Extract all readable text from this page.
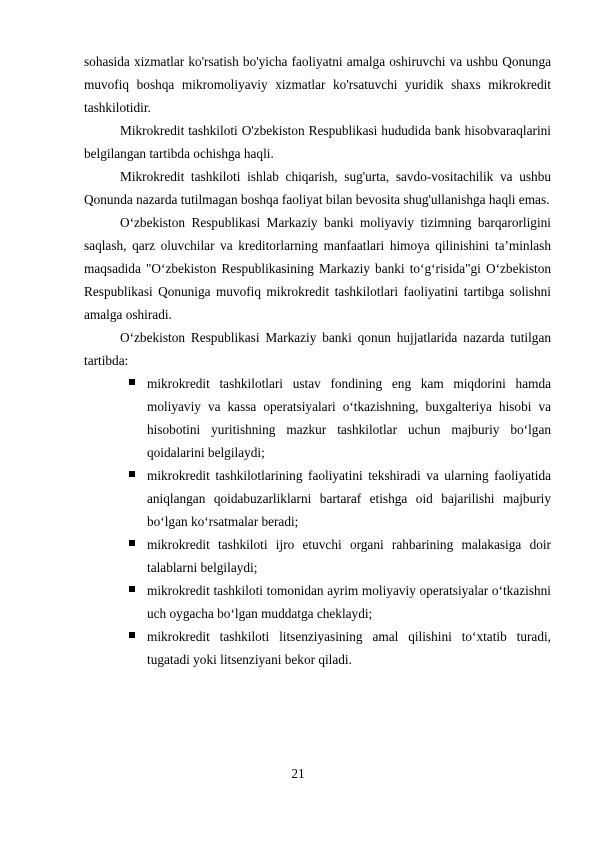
sohasida xizmatlar ko'rsatish bo'yicha faoliyatni amalga oshiruvchi va ushbu Qonunga muvofiq boshqa mikromoliyaviy xizmatlar ko'rsatuvchi yuridik shaxs mikrokredit tashkilotidir.

Mikrokredit tashkiloti O'zbekiston Respublikasi hududida bank hisobvaraqlarini belgilangan tartibda ochishga haqli.

Mikrokredit tashkiloti ishlab chiqarish, sug'urta, savdo-vositachilik va ushbu Qonunda nazarda tutilmagan boshqa faoliyat bilan bevosita shug'ullanishga haqli emas.

O‘zbekiston Respublikasi Markaziy banki moliyaviy tizimning barqarorligini saqlash, qarz oluvchilar va kreditorlarning manfaatlari himoya qilinishini ta’minlash maqsadida "O‘zbekiston Respublikasining Markaziy banki to‘g‘risida"gi O‘zbekiston Respublikasi Qonuniga muvofiq mikrokredit tashkilotlari faoliyatini tartibga solishni amalga oshiradi.

O‘zbekiston Respublikasi Markaziy banki qonun hujjatlarida nazarda tutilgan tartibda:

mikrokredit tashkilotlari ustav fondining eng kam miqdorini hamda moliyaviy va kassa operatsiyalari o‘tkazishning, buxgalteriya hisobi va hisobotini yuritishning mazkur tashkilotlar uchun majburiy bo‘lgan qoidalarini belgilaydi;
mikrokredit tashkilotlarining faoliyatini tekshiradi va ularning faoliyatida aniqlangan qoidabuzarliklarni bartaraf etishga oid bajarilishi majburiy bo‘lgan ko‘rsatmalar beradi;
mikrokredit tashkiloti ijro etuvchi organi rahbarining malakasiga doir talablarni belgilaydi;
mikrokredit tashkiloti tomonidan ayrim moliyaviy operatsiyalar o‘tkazishni uch oygacha bo‘lgan muddatga cheklaydi;
mikrokredit tashkiloti litsenziyasining amal qilishini to‘xtatib turadi, tugatadi yoki litsenziyani bekor qiladi.
21
